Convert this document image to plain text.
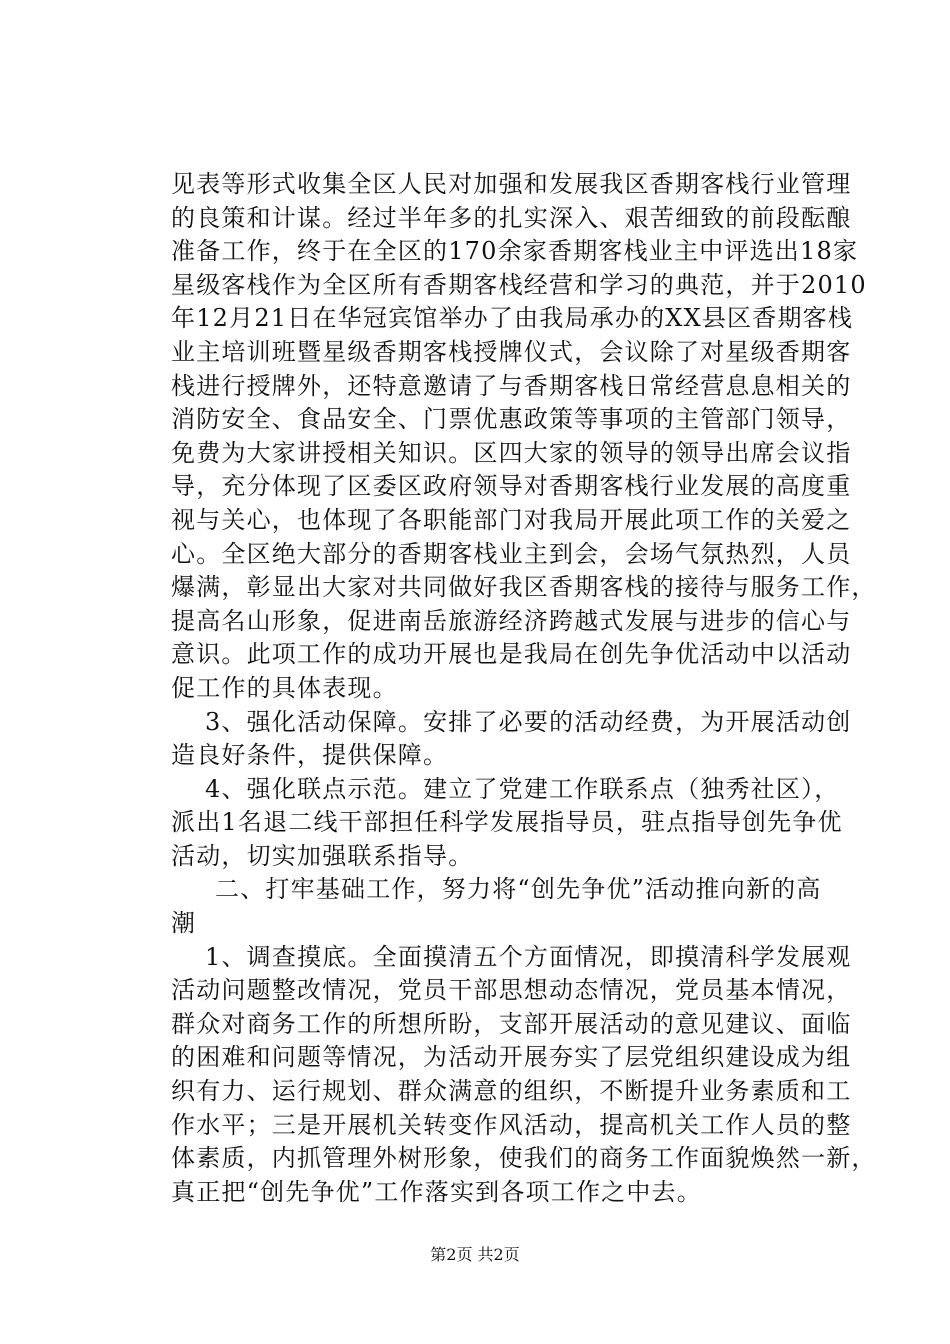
见表等形式收集全区人民对加强和发展我区香期客栈行业管理
的良策和计谋。经过半年多的扎实深入、艰苦细致的前段酝酿
准备工作，终于在全区的170余家香期客栈业主中评选出18家
星级客栈作为全区所有香期客栈经营和学习的典范，并于2010
年12月21日在华冠宾馆举办了由我局承办的XX县区香期客栈
业主培训班暨星级香期客栈授牌仪式，会议除了对星级香期客
栈进行授牌外，还特意邀请了与香期客栈日常经营息息相关的
消防安全、食品安全、门票优惠政策等事项的主管部门领导，
免费为大家讲授相关知识。区四大家的领导的领导出席会议指
导，充分体现了区委区政府领导对香期客栈行业发展的高度重
视与关心，也体现了各职能部门对我局开展此项工作的关爱之
心。全区绝大部分的香期客栈业主到会，会场气氛热烈，人员
爆满，彰显出大家对共同做好我区香期客栈的接待与服务工作，
提高名山形象，促进南岳旅游经济跨越式发展与进步的信心与
意识。此项工作的成功开展也是我局在创先争优活动中以活动
促工作的具体表现。
3、强化活动保障。安排了必要的活动经费，为开展活动创
造良好条件，提供保障。
4、强化联点示范。建立了党建工作联系点（独秀社区），
派出1名退二线干部担任科学发展指导员，驻点指导创先争优
活动，切实加强联系指导。
二、打牢基础工作，努力将“创先争优”活动推向新的高
潮
1、调查摸底。全面摸清五个方面情况，即摸清科学发展观
活动问题整改情况，党员干部思想动态情况，党员基本情况，
群众对商务工作的所想所盼，支部开展活动的意见建议、面临
的困难和问题等情况，为活动开展夯实了层党组织建设成为组
织有力、运行规划、群众满意的组织，不断提升业务素质和工
作水平；三是开展机关转变作风活动，提高机关工作人员的整
体素质，内抓管理外树形象，使我们的商务工作面貌焕然一新，
真正把“创先争优”工作落实到各项工作之中去。
第2页 共2页
